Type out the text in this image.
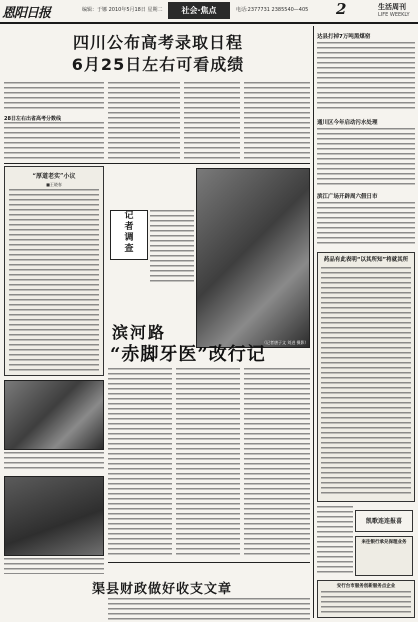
恩阳日报	编辑：于娜 2010年5月18日 星期二	社会·焦点	电话:2377731 2385540—405 2	生活周刊
LIFE WEEKLY
四川公布高考录取日程
6月25日左右可看成绩
28日左右出省高考分数线
“厚道老实”小议
■王晓春
记
者
调
查
（记者唐子文 刘进 摄影）
滨河路
“赤脚牙医”改行记
达县打掉7万吨黑煤窑
通川区今年启动污水处理
滨江广场开辟周六假日市
药品有此表明“以其所知”将就其所
凯歌连连报喜
来往银行承兑保理业务
安行台市服务创新服务点企业
渠县财政做好收支文章
